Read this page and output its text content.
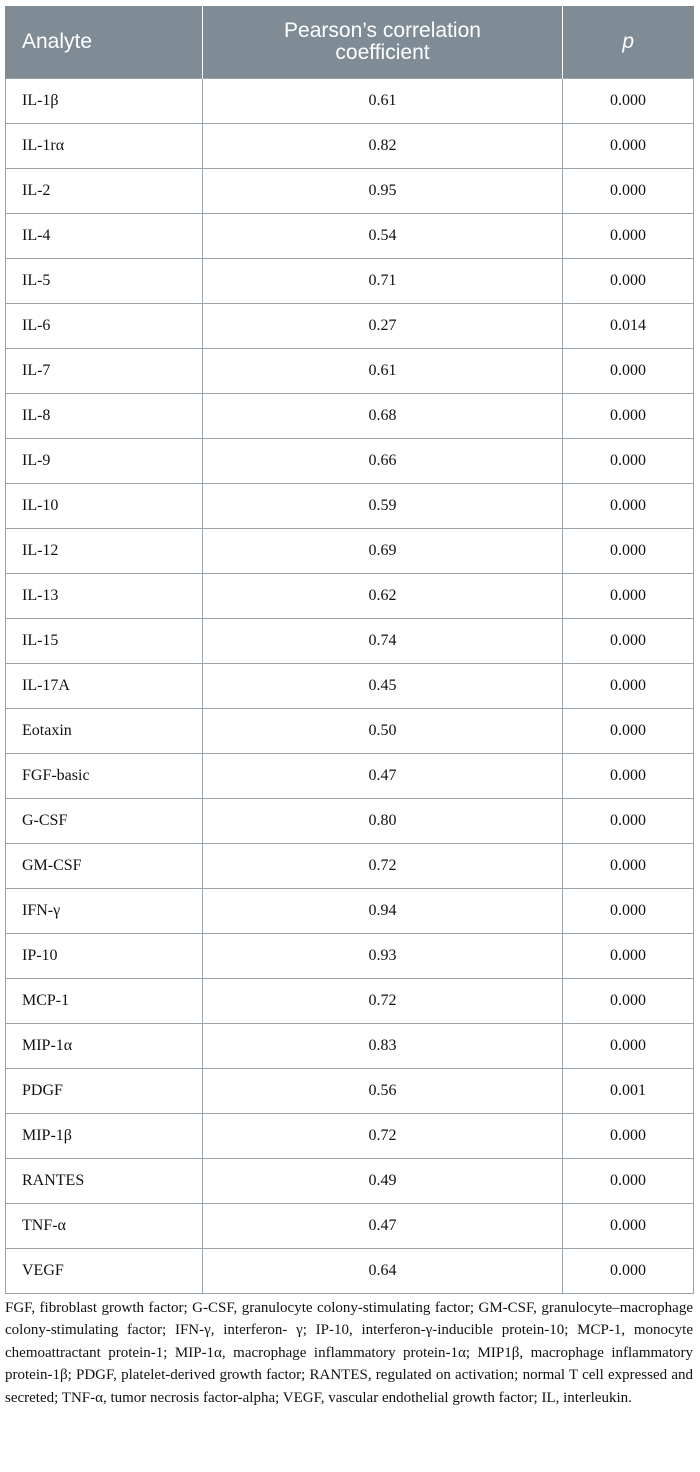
Analyte	Pearson’s correlation coefficient	p
IL-1β	0.61	0.000
IL-1rα	0.82	0.000
IL-2	0.95	0.000
IL-4	0.54	0.000
IL-5	0.71	0.000
IL-6	0.27	0.014
IL-7	0.61	0.000
IL-8	0.68	0.000
IL-9	0.66	0.000
IL-10	0.59	0.000
IL-12	0.69	0.000
IL-13	0.62	0.000
IL-15	0.74	0.000
IL-17A	0.45	0.000
Eotaxin	0.50	0.000
FGF-basic	0.47	0.000
G-CSF	0.80	0.000
GM-CSF	0.72	0.000
IFN-γ	0.94	0.000
IP-10	0.93	0.000
MCP-1	0.72	0.000
MIP-1α	0.83	0.000
PDGF	0.56	0.001
MIP-1β	0.72	0.000
RANTES	0.49	0.000
TNF-α	0.47	0.000
VEGF	0.64	0.000
FGF, fibroblast growth factor; G-CSF, granulocyte colony-stimulating factor; GM-CSF, granulocyte–macrophage colony-stimulating factor; IFN-γ, interferon- γ; IP-10, interferon-γ-inducible protein-10; MCP-1, monocyte chemoattractant protein-1; MIP-1α, macrophage inflammatory protein-1α; MIP1β, macrophage inflammatory protein-1β; PDGF, platelet-derived growth factor; RANTES, regulated on activation; normal T cell expressed and secreted; TNF-α, tumor necrosis factor-alpha; VEGF, vascular endothelial growth factor; IL, interleukin.
